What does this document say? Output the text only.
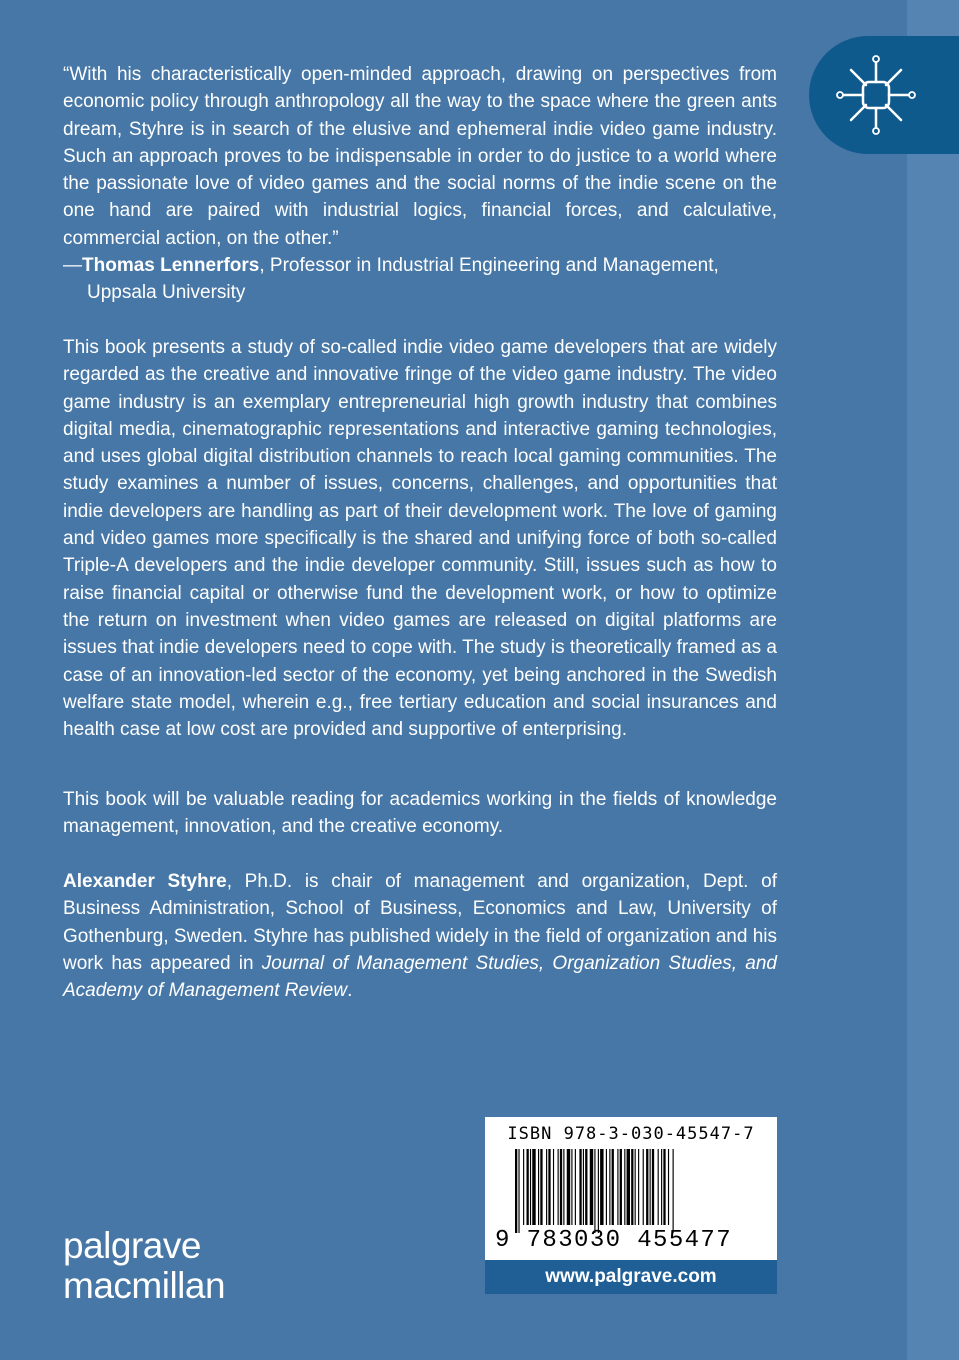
“With his characteristically open-minded approach, drawing on perspectives from economic policy through anthropology all the way to the space where the green ants dream, Styhre is in search of the elusive and ephemeral indie video game industry. Such an approach proves to be indispensable in order to do justice to a world where the passionate love of video games and the social norms of the indie scene on the one hand are paired with industrial logics, financial forces, and calculative, commercial action, on the other.”

—Thomas Lennerfors, Professor in Industrial Engineering and Management,
Uppsala University

This book presents a study of so-called indie video game developers that are widely regarded as the creative and innovative fringe of the video game industry. The video game industry is an exemplary entrepreneurial high growth industry that combines digital media, cinematographic representations and interactive gaming technologies, and uses global digital distribution channels to reach local gaming communities. The study examines a number of issues, concerns, challenges, and opportunities that indie developers are handling as part of their development work. The love of gaming and video games more specifically is the shared and unifying force of both so-called Triple-A developers and the indie developer community. Still, issues such as how to raise financial capital or otherwise fund the development work, or how to optimize the return on investment when video games are released on digital platforms are issues that indie developers need to cope with. The study is theoretically framed as a case of an innovation-led sector of the economy, yet being anchored in the Swedish welfare state model, wherein e.g., free tertiary education and social insurances and health case at low cost are provided and supportive of enterprising.

This book will be valuable reading for academics working in the fields of knowledge management, innovation, and the creative economy.

Alexander Styhre, Ph.D. is chair of management and organization, Dept. of Business Administration, School of Business, Economics and Law, University of Gothenburg, Sweden. Styhre has published widely in the field of organization and his work has appeared in Journal of Management Studies, Organization Studies, and Academy of Management Review.

ISBN 978-3-030-45547-7
9 783030 455477
www.palgrave.com
palgrave
macmillan
